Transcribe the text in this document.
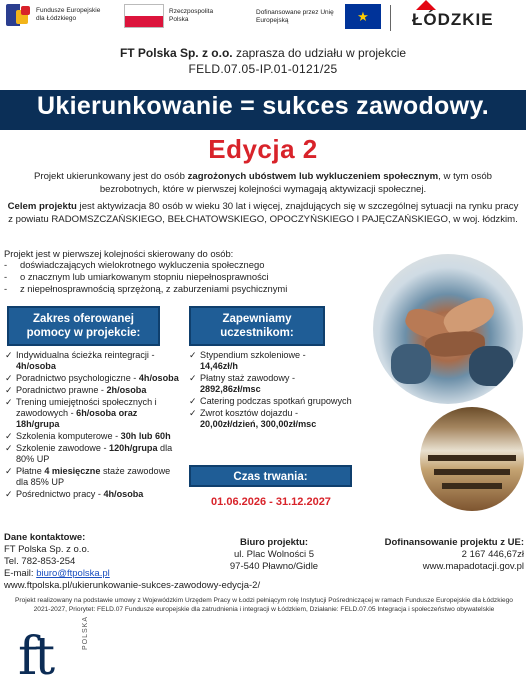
Fundusze Europejskie dla Łódzkiego
Rzeczpospolita Polska
Dofinansowane przez Unię Europejską	★	ŁÓDZKIE
FT Polska Sp. z o.o. zaprasza do udziału w projekcie
FELD.07.05-IP.01-0121/25
Ukierunkowanie = sukces zawodowy.
Edycja 2
Projekt ukierunkowany jest do osób zagrożonych ubóstwem lub wykluczeniem społecznym, w tym osób bezrobotnych, które w pierwszej kolejności wymagają aktywizacji społecznej.
Celem projektu jest aktywizacja 80 osób w wieku 30 lat i więcej, znajdujących się w szczególnej sytuacji na rynku pracy z powiatu RADOMSZCZAŃSKIEGO, BEŁCHATOWSKIEGO, OPOCZYŃSKIEGO I PAJĘCZAŃSKIEGO, w woj. łódzkim.
Projekt jest w pierwszej kolejności skierowany do osób:
- doświadczających wielokrotnego wykluczenia społecznego
- o znacznym lub umiarkowanym stopniu niepełnosprawności
- z niepełnosprawnością sprzężoną, z zaburzeniami psychicznymi
Zakres oferowanej
pomocy w projekcie:
Zapewniamy
uczestnikom:
✓ Indywidualna ścieżka reintegracji - 4h/osoba
✓ Poradnictwo psychologiczne - 4h/osoba
✓ Poradnictwo prawne - 2h/osoba
✓ Trening umiejętności społecznych i zawodowych - 6h/osoba oraz 18h/grupa
✓ Szkolenia komputerowe - 30h lub 60h
✓ Szkolenie zawodowe - 120h/grupa dla 80% UP
✓ Płatne 4 miesięczne staże zawodowe dla 85% UP
✓ Pośrednictwo pracy - 4h/osoba
✓ Stypendium szkoleniowe -
14,46zł/h
✓ Płatny staż zawodowy -
2892,86zł/msc
✓ Catering podczas spotkań grupowych
✓ Zwrot kosztów dojazdu -
20,00zł/dzień, 300,00zł/msc
Czas trwania:
01.06.2026 - 31.12.2027
Dane kontaktowe:
FT Polska Sp. z o.o.
Tel. 782-853-254
E-mail: biuro@ftpolska.pl
www.ftpolska.pl/ukierunkowanie-sukces-zawodowy-edycja-2/
Biuro projektu:
ul. Plac Wolności 5
97-540 Pławno/Gidle
Dofinansowanie projektu z UE:
2 167 446,67zł
www.mapadotacji.gov.pl
Projekt realizowany na podstawie umowy z Wojewódzkim Urzędem Pracy w Łodzi pełniącym rolę Instytucji Pośredniczącej w ramach Fundusze Europejskie dla Łódzkiego 2021-2027, Priorytet: FELD.07 Fundusze europejskie dla zatrudnienia i integracji w Łódzkiem, Działanie: FELD.07.05 Integracja i społeczeństwo obywatelskie
ft	POLSKA
